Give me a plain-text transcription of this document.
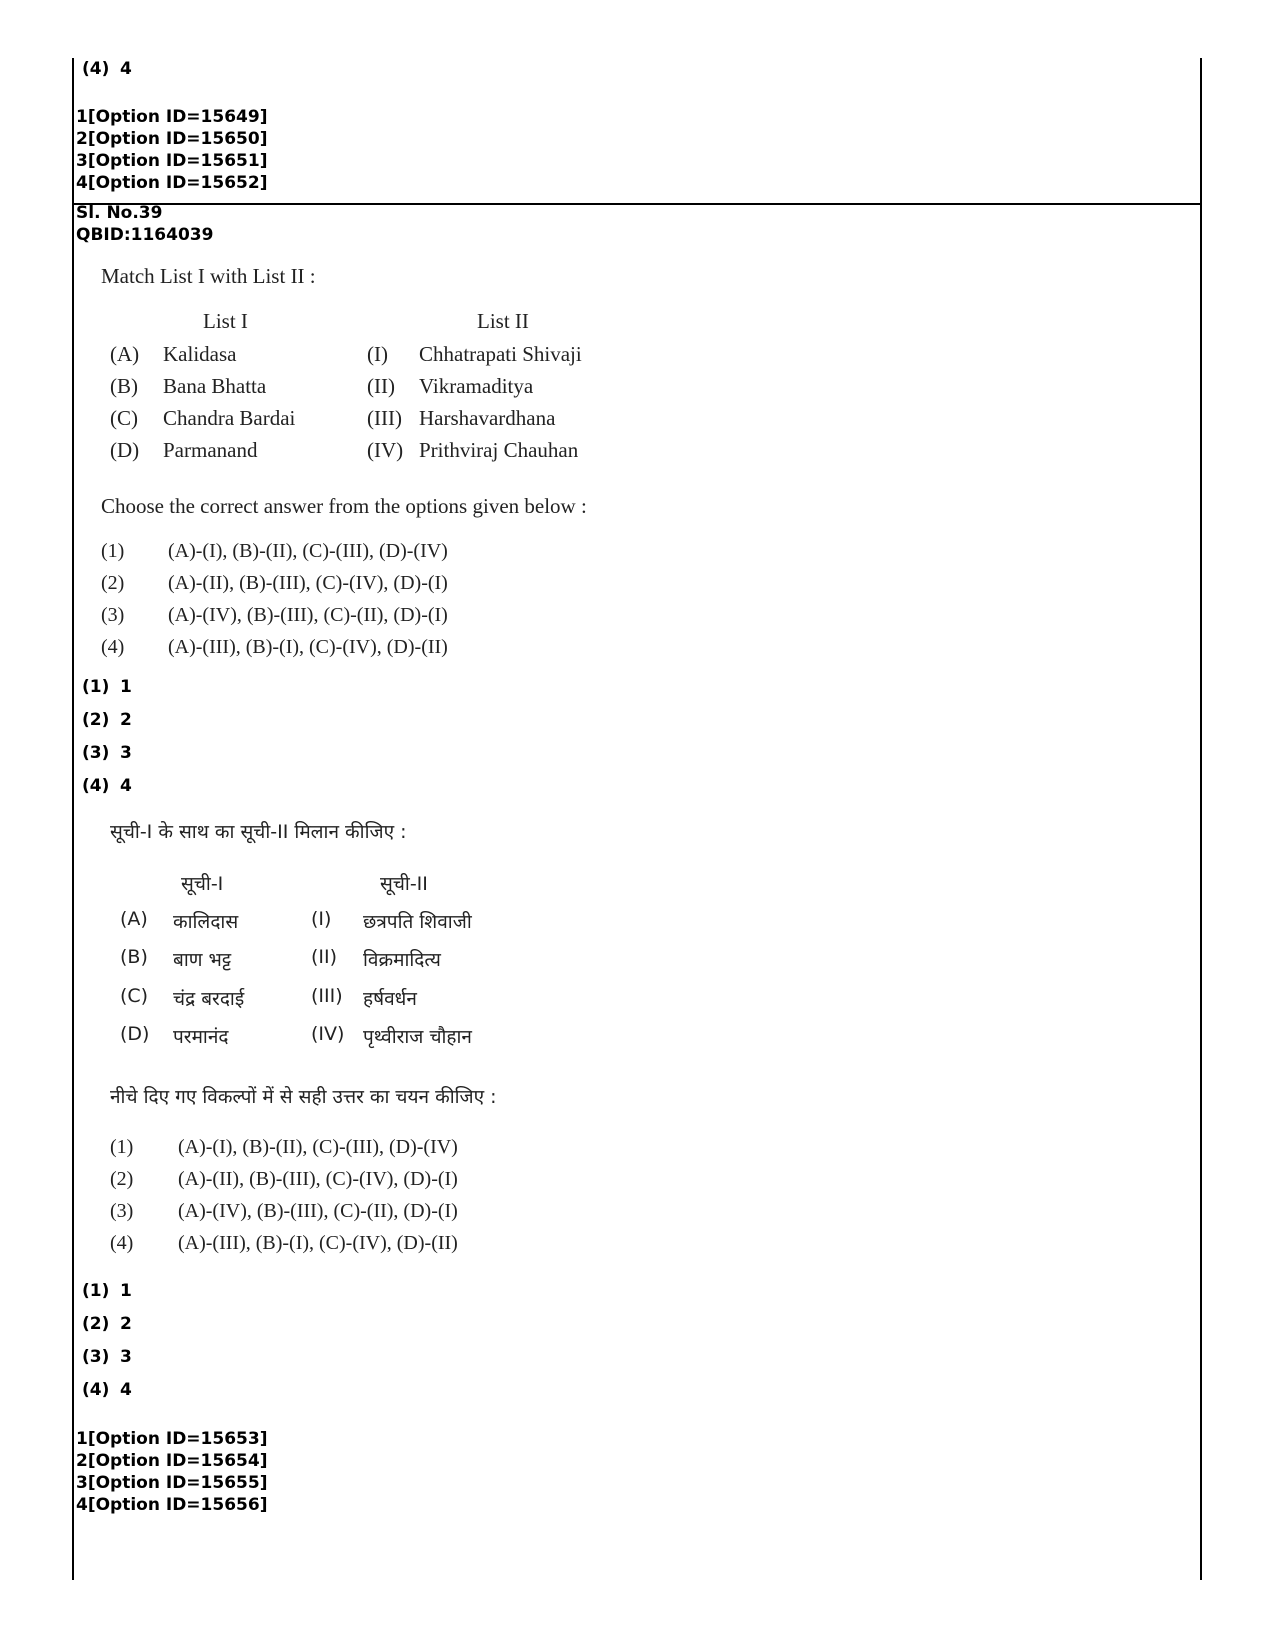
(4) 4
1[Option ID=15649]
2[Option ID=15650]
3[Option ID=15651]
4[Option ID=15652]
Sl. No.39
QBID:1164039
Match List I with List II :
List I	List II
(A) Kalidasa	(I) Chhatrapati Shivaji
(B) Bana Bhatta	(II) Vikramaditya
(C) Chandra Bardai	(III) Harshavardhana
(D) Parmanand	(IV) Prithviraj Chauhan
Choose the correct answer from the options given below :
(1) (A)-(I), (B)-(II), (C)-(III), (D)-(IV)
(2) (A)-(II), (B)-(III), (C)-(IV), (D)-(I)
(3) (A)-(IV), (B)-(III), (C)-(II), (D)-(I)
(4) (A)-(III), (B)-(I), (C)-(IV), (D)-(II)
(1) 1
(2) 2
(3) 3
(4) 4
सूची-I के साथ का सूची-II मिलान कीजिए :
सूची-I	सूची-II
(A) कालिदास	(I) छत्रपति शिवाजी
(B) बाण भट्ट	(II) विक्रमादित्य
(C) चंद्र बरदाई	(III) हर्षवर्धन
(D) परमानंद	(IV) पृथ्वीराज चौहान
नीचे दिए गए विकल्पों में से सही उत्तर का चयन कीजिए :
(1) (A)-(I), (B)-(II), (C)-(III), (D)-(IV)
(2) (A)-(II), (B)-(III), (C)-(IV), (D)-(I)
(3) (A)-(IV), (B)-(III), (C)-(II), (D)-(I)
(4) (A)-(III), (B)-(I), (C)-(IV), (D)-(II)
(1) 1
(2) 2
(3) 3
(4) 4
1[Option ID=15653]
2[Option ID=15654]
3[Option ID=15655]
4[Option ID=15656]
